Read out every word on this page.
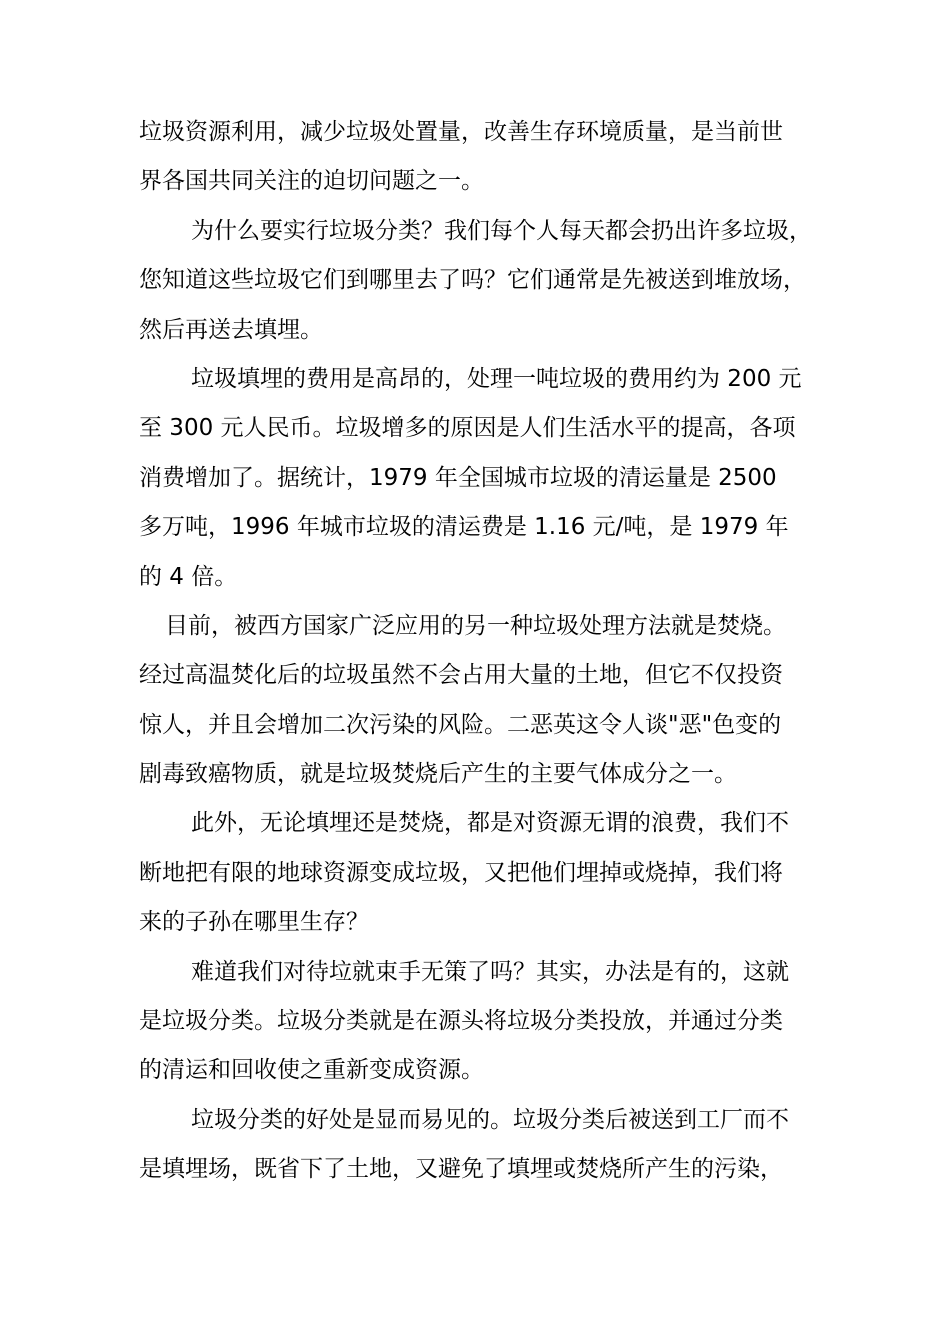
垃圾资源利用，减少垃圾处置量，改善生存环境质量，是当前世
界各国共同关注的迫切问题之一。
为什么要实行垃圾分类？我们每个人每天都会扔出许多垃圾，
您知道这些垃圾它们到哪里去了吗？它们通常是先被送到堆放场，
然后再送去填埋。
垃圾填埋的费用是高昂的，处理一吨垃圾的费用约为 200 元
至 300 元人民币。垃圾增多的原因是人们生活水平的提高，各项
消费增加了。据统计，1979 年全国城市垃圾的清运量是 2500
多万吨，1996 年城市垃圾的清运费是 1.16 元/吨，是 1979 年
的 4 倍。
目前，被西方国家广泛应用的另一种垃圾处理方法就是焚烧。
经过高温焚化后的垃圾虽然不会占用大量的土地，但它不仅投资
惊人，并且会增加二次污染的风险。二恶英这令人谈"恶"色变的
剧毒致癌物质，就是垃圾焚烧后产生的主要气体成分之一。
此外，无论填埋还是焚烧，都是对资源无谓的浪费，我们不
断地把有限的地球资源变成垃圾，又把他们埋掉或烧掉，我们将
来的子孙在哪里生存？
难道我们对待垃就束手无策了吗？其实，办法是有的，这就
是垃圾分类。垃圾分类就是在源头将垃圾分类投放，并通过分类
的清运和回收使之重新变成资源。
垃圾分类的好处是显而易见的。垃圾分类后被送到工厂而不
是填埋场，既省下了土地，又避免了填埋或焚烧所产生的污染，
